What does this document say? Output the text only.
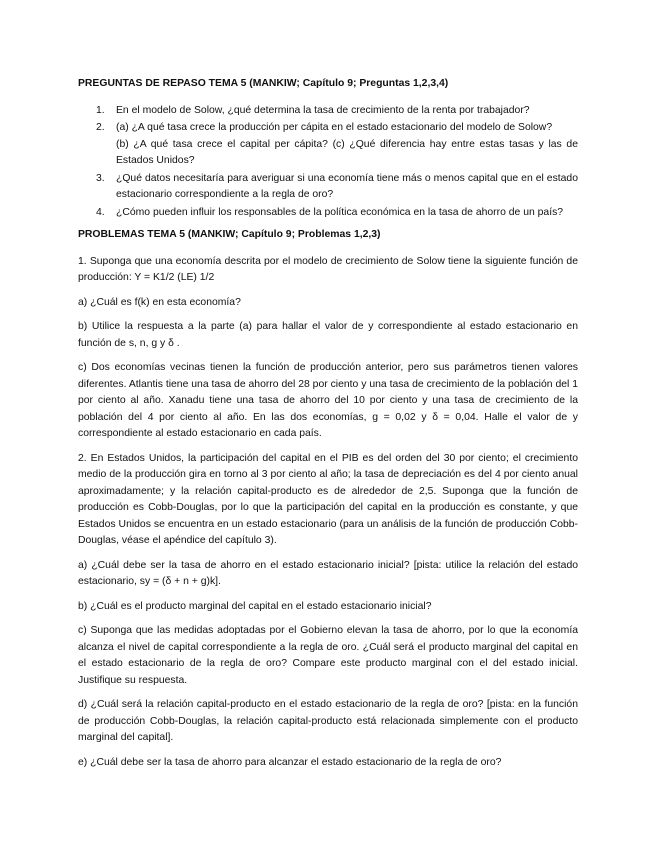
PREGUNTAS DE REPASO TEMA 5 (MANKIW; Capítulo 9; Preguntas 1,2,3,4)

1. En el modelo de Solow, ¿qué determina la tasa de crecimiento de la renta por trabajador?
2. (a) ¿A qué tasa crece la producción per cápita en el estado estacionario del modelo de Solow?
(b) ¿A qué tasa crece el capital per cápita? (c) ¿Qué diferencia hay entre estas tasas y las de Estados Unidos?
3. ¿Qué datos necesitaría para averiguar si una economía tiene más o menos capital que en el estado estacionario correspondiente a la regla de oro?
4. ¿Cómo pueden influir los responsables de la política económica en la tasa de ahorro de un país?

PROBLEMAS TEMA 5 (MANKIW; Capítulo 9; Problemas 1,2,3)

1. Suponga que una economía descrita por el modelo de crecimiento de Solow tiene la siguiente función de producción: Y = K1/2 (LE) 1/2

a) ¿Cuál es f(k) en esta economía?

b) Utilice la respuesta a la parte (a) para hallar el valor de y correspondiente al estado estacionario en función de s, n, g y δ .

c) Dos economías vecinas tienen la función de producción anterior, pero sus parámetros tienen valores diferentes. Atlantis tiene una tasa de ahorro del 28 por ciento y una tasa de crecimiento de la población del 1 por ciento al año. Xanadu tiene una tasa de ahorro del 10 por ciento y una tasa de crecimiento de la población del 4 por ciento al año. En las dos economías, g = 0,02 y δ = 0,04. Halle el valor de y correspondiente al estado estacionario en cada país.

2. En Estados Unidos, la participación del capital en el PIB es del orden del 30 por ciento; el crecimiento medio de la producción gira en torno al 3 por ciento al año; la tasa de depreciación es del 4 por ciento anual aproximadamente; y la relación capital-producto es de alrededor de 2,5. Suponga que la función de producción es Cobb-Douglas, por lo que la participación del capital en la producción es constante, y que Estados Unidos se encuentra en un estado estacionario (para un análisis de la función de producción Cobb-Douglas, véase el apéndice del capítulo 3).

a) ¿Cuál debe ser la tasa de ahorro en el estado estacionario inicial? [pista: utilice la relación del estado estacionario, sy = (δ + n + g)k].

b) ¿Cuál es el producto marginal del capital en el estado estacionario inicial?

c) Suponga que las medidas adoptadas por el Gobierno elevan la tasa de ahorro, por lo que la economía alcanza el nivel de capital correspondiente a la regla de oro. ¿Cuál será el producto marginal del capital en el estado estacionario de la regla de oro? Compare este producto marginal con el del estado inicial. Justifique su respuesta.

d) ¿Cuál será la relación capital-producto en el estado estacionario de la regla de oro? [pista: en la función de producción Cobb-Douglas, la relación capital-producto está relacionada simplemente con el producto marginal del capital].

e) ¿Cuál debe ser la tasa de ahorro para alcanzar el estado estacionario de la regla de oro?
